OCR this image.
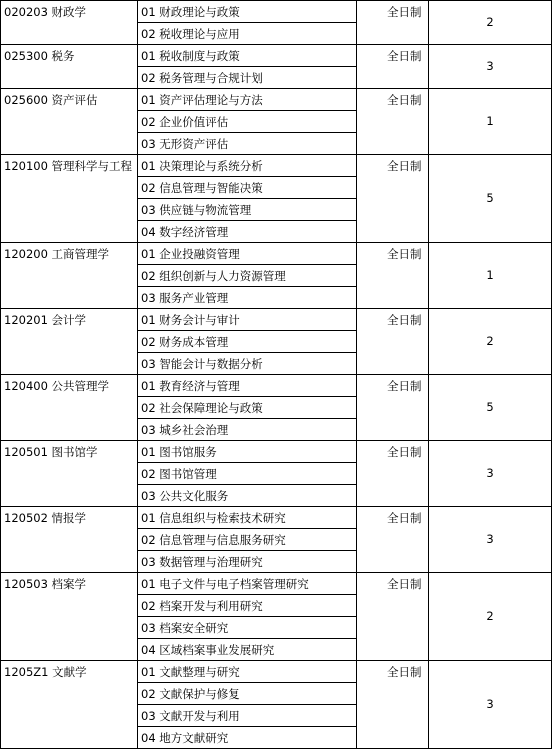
020203 财政学	01 财政理论与政策	全日制	2
	02 税收理论与应用		
025300 税务	01 税收制度与政策	全日制	3
	02 税务管理与合规计划		
025600 资产评估	01 资产评估理论与方法	全日制	1
	02 企业价值评估		
	03 无形资产评估		
120100 管理科学与工程	01 决策理论与系统分析	全日制	5
	02 信息管理与智能决策		
	03 供应链与物流管理		
	04 数字经济管理		
120200 工商管理学	01 企业投融资管理	全日制	1
	02 组织创新与人力资源管理		
	03 服务产业管理		
120201 会计学	01 财务会计与审计	全日制	2
	02 财务成本管理		
	03 智能会计与数据分析		
120400 公共管理学	01 教育经济与管理	全日制	5
	02 社会保障理论与政策		
	03 城乡社会治理		
120501 图书馆学	01 图书馆服务	全日制	3
	02 图书馆管理		
	03 公共文化服务		
120502 情报学	01 信息组织与检索技术研究	全日制	3
	02 信息管理与信息服务研究		
	03 数据管理与治理研究		
120503 档案学	01 电子文件与电子档案管理研究	全日制	2
	02 档案开发与利用研究		
	03 档案安全研究		
	04 区域档案事业发展研究		
1205Z1 文献学	01 文献整理与研究	全日制	3
	02 文献保护与修复		
	03 文献开发与利用		
	04 地方文献研究		
